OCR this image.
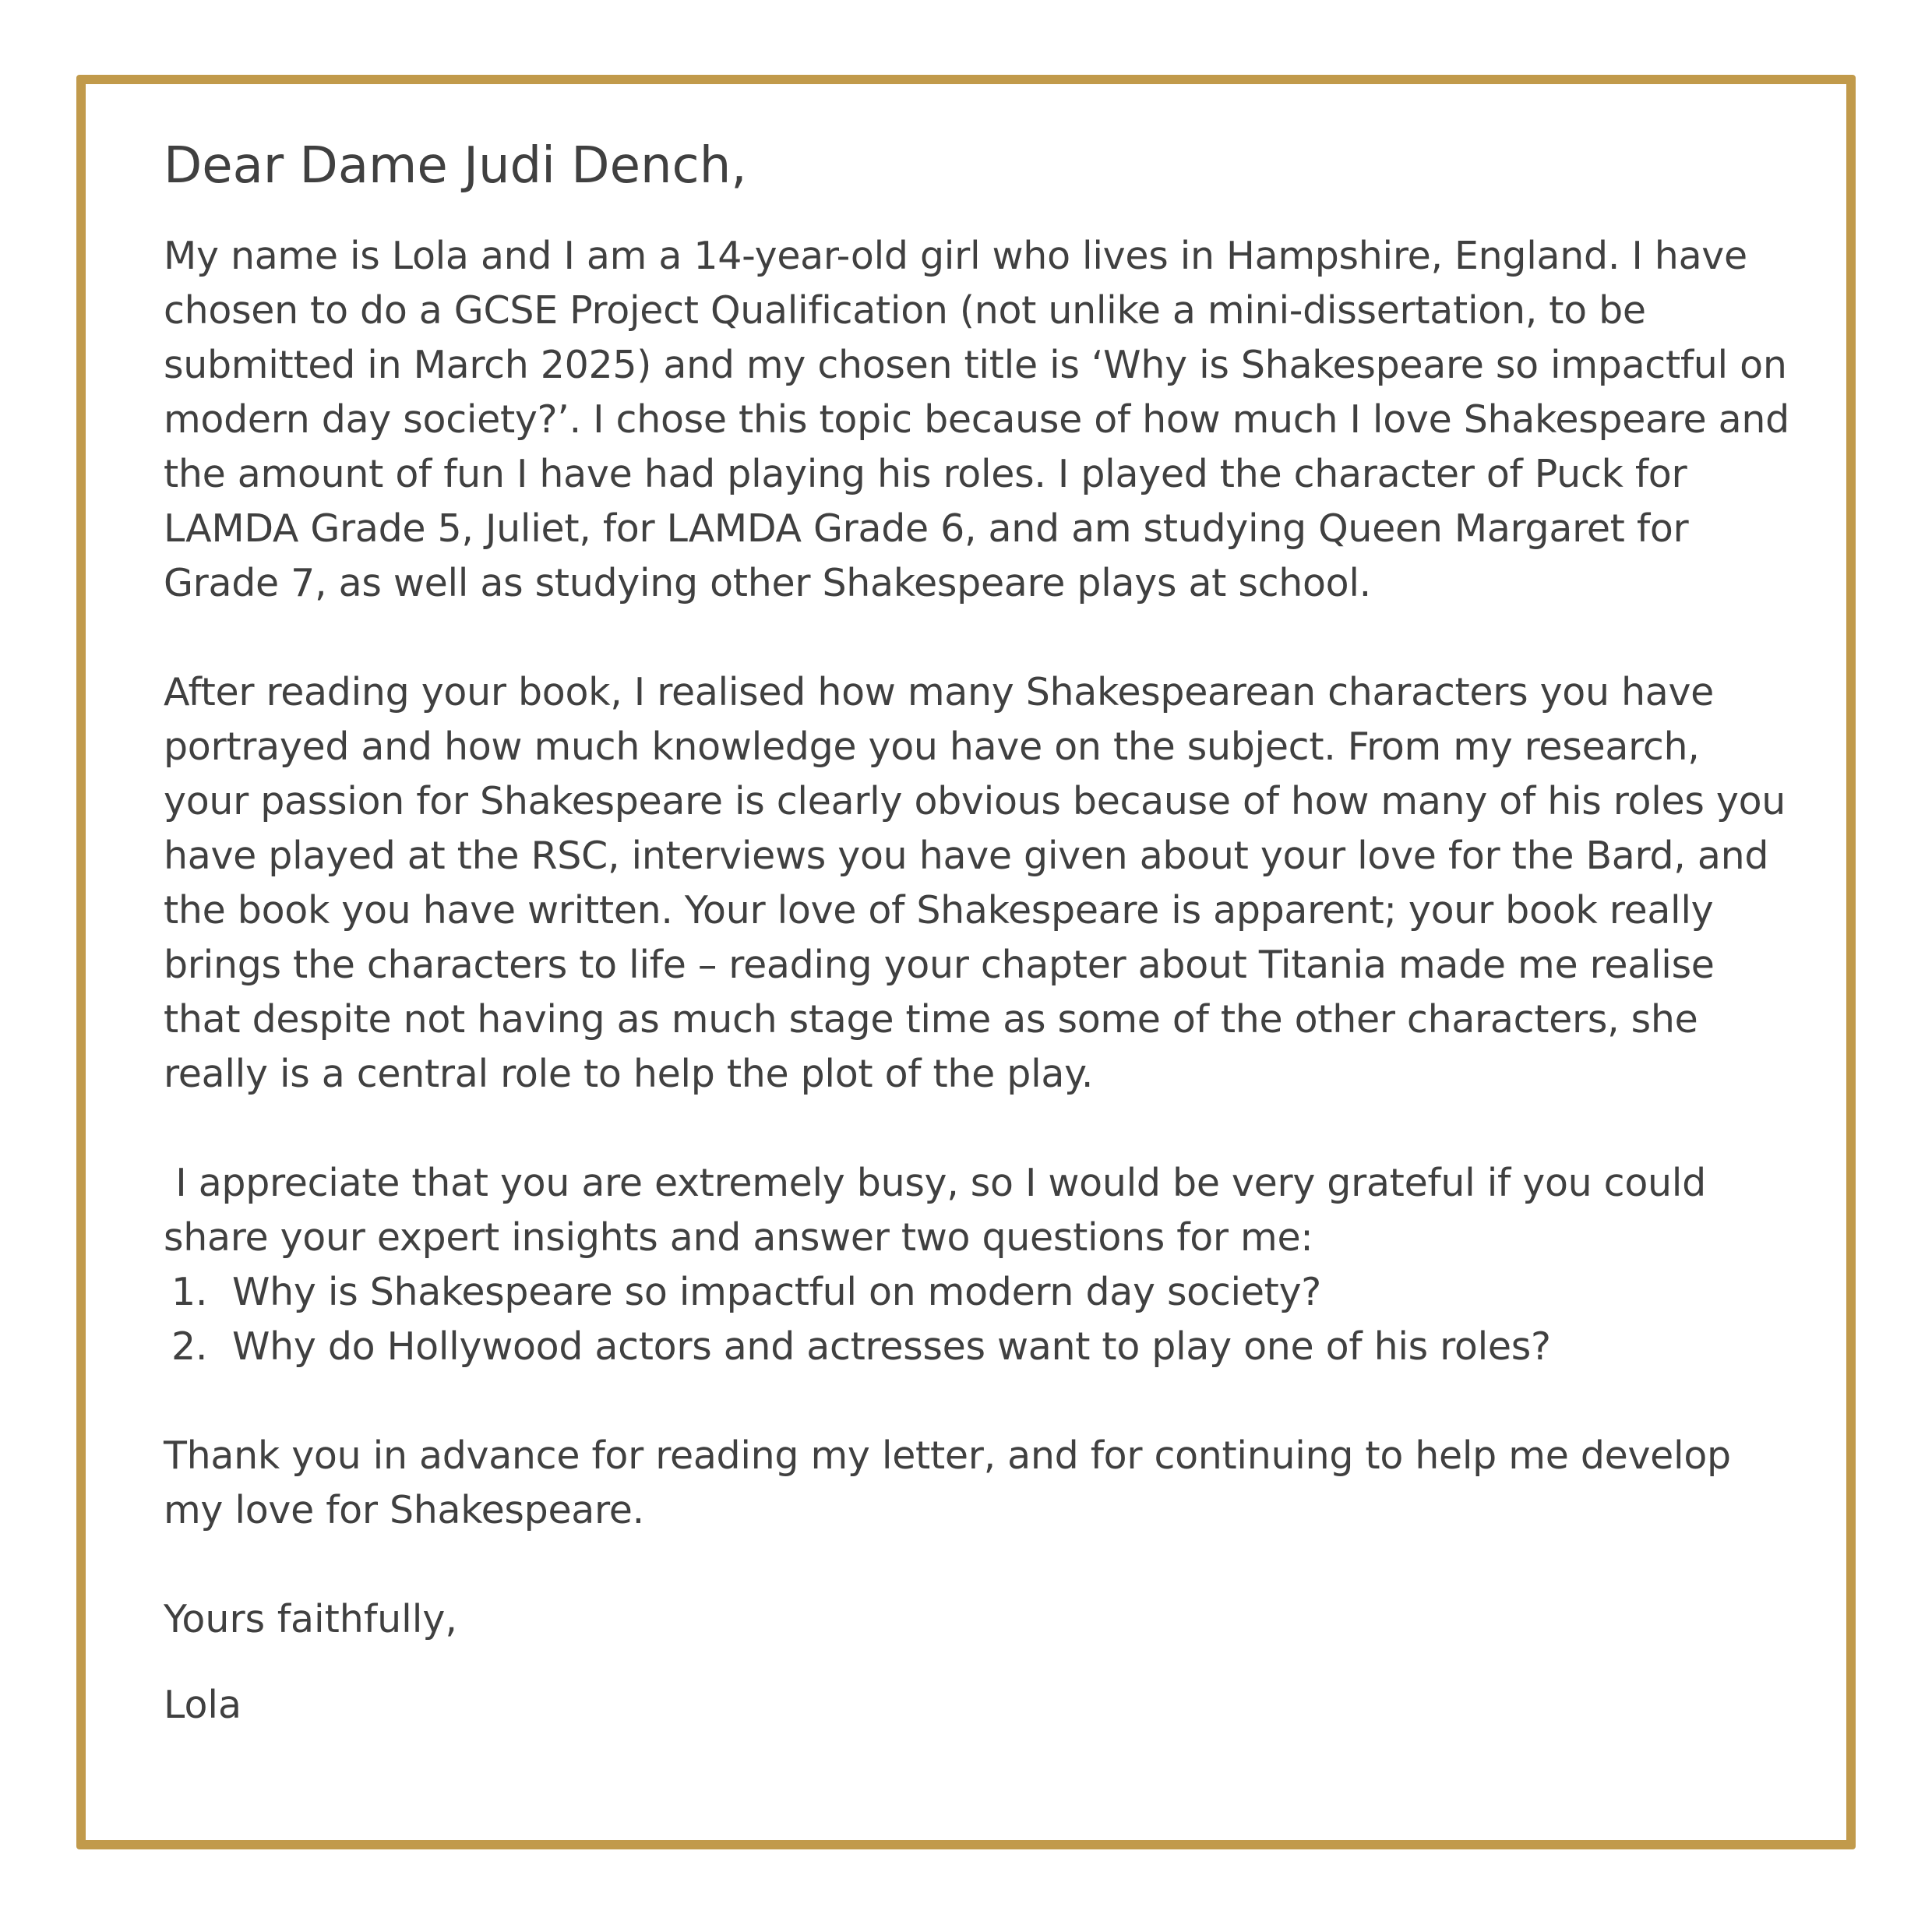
Dear Dame Judi Dench,

My name is Lola and I am a 14-year-old girl who lives in Hampshire, England. I have chosen to do a GCSE Project Qualification (not unlike a mini-dissertation, to be submitted in March 2025) and my chosen title is ‘Why is Shakespeare so impactful on modern day society?’. I chose this topic because of how much I love Shakespeare and the amount of fun I have had playing his roles. I played the character of Puck for LAMDA Grade 5, Juliet, for LAMDA Grade 6, and am studying Queen Margaret for Grade 7, as well as studying other Shakespeare plays at school.

After reading your book, I realised how many Shakespearean characters you have portrayed and how much knowledge you have on the subject. From my research, your passion for Shakespeare is clearly obvious because of how many of his roles you have played at the RSC, interviews you have given about your love for the Bard, and the book you have written. Your love of Shakespeare is apparent; your book really brings the characters to life – reading your chapter about Titania made me realise that despite not having as much stage time as some of the other characters, she really is a central role to help the plot of the play.

I appreciate that you are extremely busy, so I would be very grateful if you could share your expert insights and answer two questions for me:

1. Why is Shakespeare so impactful on modern day society?
2. Why do Hollywood actors and actresses want to play one of his roles?

Thank you in advance for reading my letter, and for continuing to help me develop my love for Shakespeare.

Yours faithfully,

Lola
